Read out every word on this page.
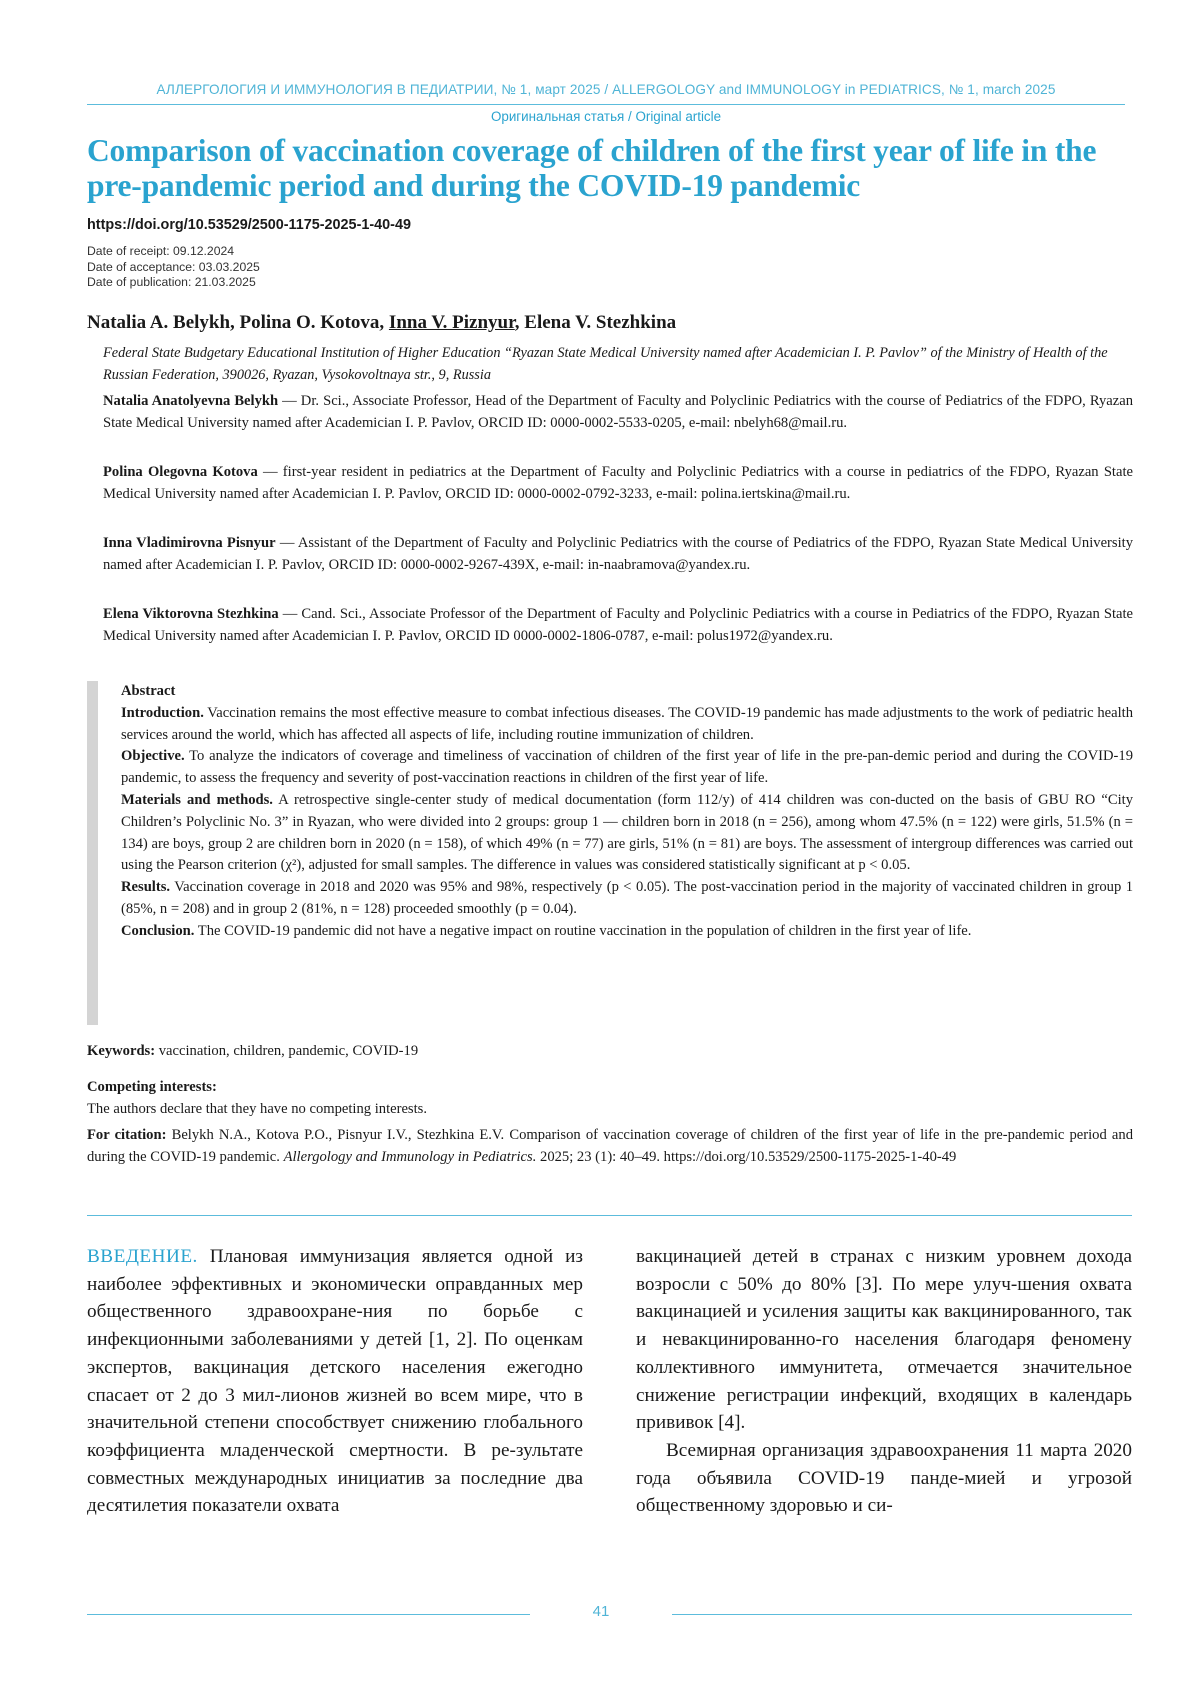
АЛЛЕРГОЛОГИЯ И ИММУНОЛОГИЯ В ПЕДИАТРИИ, № 1, март 2025 / ALLERGOLOGY and IMMUNOLOGY in PEDIATRICS, № 1, march 2025
Оригинальная статья / Original article
Comparison of vaccination coverage of children of the first year of life in the pre-pandemic period and during the COVID-19 pandemic
https://doi.org/10.53529/2500-1175-2025-1-40-49
Date of receipt: 09.12.2024
Date of acceptance: 03.03.2025
Date of publication: 21.03.2025
Natalia A. Belykh, Polina O. Kotova, Inna V. Piznyur, Elena V. Stezhkina
Federal State Budgetary Educational Institution of Higher Education “Ryazan State Medical University named after Academician I. P. Pavlov” of the Ministry of Health of the Russian Federation, 390026, Ryazan, Vysokovoltnaya str., 9, Russia
Natalia Anatolyevna Belykh — Dr. Sci., Associate Professor, Head of the Department of Faculty and Polyclinic Pediatrics with the course of Pediatrics of the FDPO, Ryazan State Medical University named after Academician I. P. Pavlov, ORCID ID: 0000-0002-5533-0205, e-mail: nbelyh68@mail.ru.
Polina Olegovna Kotova — first-year resident in pediatrics at the Department of Faculty and Polyclinic Pediatrics with a course in pediatrics of the FDPO, Ryazan State Medical University named after Academician I. P. Pavlov, ORCID ID: 0000-0002-0792-3233, e-mail: polina.iertskina@mail.ru.
Inna Vladimirovna Pisnyur — Assistant of the Department of Faculty and Polyclinic Pediatrics with the course of Pediatrics of the FDPO, Ryazan State Medical University named after Academician I. P. Pavlov, ORCID ID: 0000-0002-9267-439X, e-mail: in-naabramova@yandex.ru.
Elena Viktorovna Stezhkina — Cand. Sci., Associate Professor of the Department of Faculty and Polyclinic Pediatrics with a course in Pediatrics of the FDPO, Ryazan State Medical University named after Academician I. P. Pavlov, ORCID ID 0000-0002-1806-0787, e-mail: polus1972@yandex.ru.

Abstract

Introduction. Vaccination remains the most effective measure to combat infectious diseases. The COVID-19 pandemic has made adjustments to the work of pediatric health services around the world, which has affected all aspects of life, including routine immunization of children.

Objective. To analyze the indicators of coverage and timeliness of vaccination of children of the first year of life in the pre-pan-demic period and during the COVID-19 pandemic, to assess the frequency and severity of post-vaccination reactions in children of the first year of life.

Materials and methods. A retrospective single-center study of medical documentation (form 112/y) of 414 children was con-ducted on the basis of GBU RO “City Children’s Polyclinic No. 3” in Ryazan, who were divided into 2 groups: group 1 — children born in 2018 (n = 256), among whom 47.5% (n = 122) were girls, 51.5% (n = 134) are boys, group 2 are children born in 2020 (n = 158), of which 49% (n = 77) are girls, 51% (n = 81) are boys. The assessment of intergroup differences was carried out using the Pearson criterion (χ²), adjusted for small samples. The difference in values was considered statistically significant at p < 0.05.

Results. Vaccination coverage in 2018 and 2020 was 95% and 98%, respectively (p < 0.05). The post-vaccination period in the majority of vaccinated children in group 1 (85%, n = 208) and in group 2 (81%, n = 128) proceeded smoothly (p = 0.04).

Conclusion. The COVID-19 pandemic did not have a negative impact on routine vaccination in the population of children in the first year of life.

Keywords: vaccination, children, pandemic, COVID-19
Competing interests:
The authors declare that they have no competing interests.
For citation: Belykh N.A., Kotova P.O., Pisnyur I.V., Stezhkina E.V. Comparison of vaccination coverage of children of the first year of life in the pre-pandemic period and during the COVID-19 pandemic. Allergology and Immunology in Pediatrics. 2025; 23 (1): 40–49. https://doi.org/10.53529/2500-1175-2025-1-40-49

ВВЕДЕНИЕ. Плановая иммунизация является одной из наиболее эффективных и экономически оправданных мер общественного здравоохране-ния по борьбе с инфекционными заболеваниями у детей [1, 2]. По оценкам экспертов, вакцинация детского населения ежегодно спасает от 2 до 3 мил-лионов жизней во всем мире, что в значительной степени способствует снижению глобального коэффициента младенческой смертности. В ре-зультате совместных международных инициатив за последние два десятилетия показатели охвата

вакцинацией детей в странах с низким уровнем дохода возросли с 50% до 80% [3]. По мере улуч-шения охвата вакцинацией и усиления защиты как вакцинированного, так и невакцинированно-го населения благодаря феномену коллективного иммунитета, отмечается значительное снижение регистрации инфекций, входящих в календарь прививок [4].

Всемирная организация здравоохранения 11 марта 2020 года объявила COVID-19 панде-мией и угрозой общественному здоровью и си-

41
